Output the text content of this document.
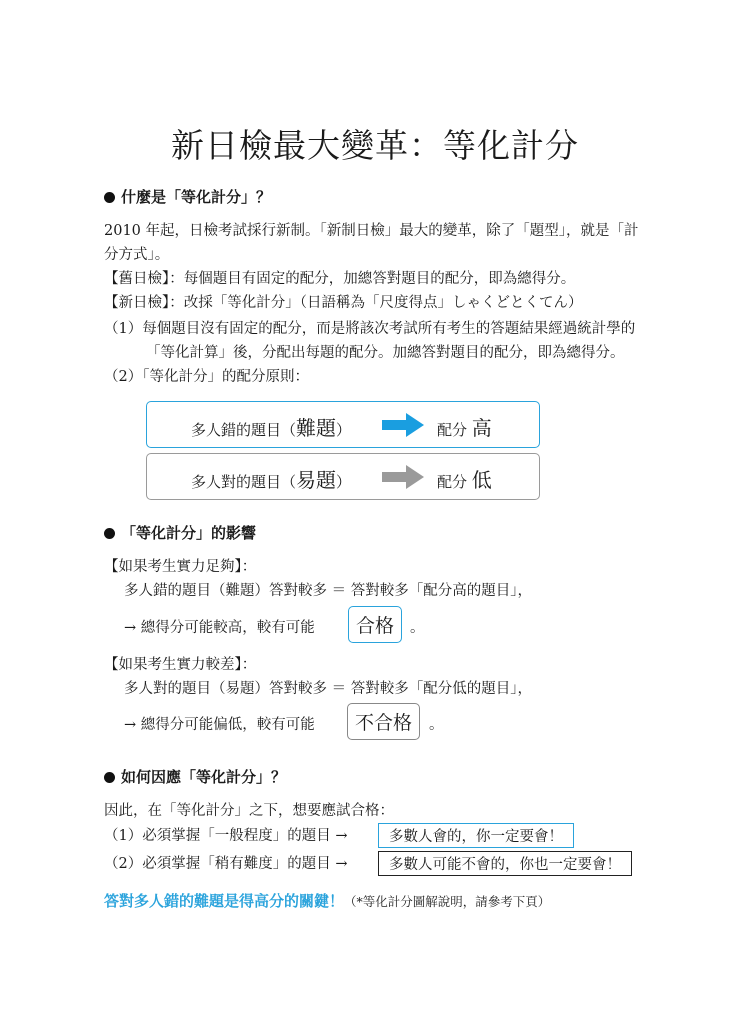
新日檢最大變革：等化計分
什麼是「等化計分」？
2010 年起，日檢考試採行新制。「新制日檢」最大的變革，除了「題型」，就是「計
分方式」。
【舊日檢】：每個題目有固定的配分，加總答對題目的配分，即為總得分。
【新日檢】：改採「等化計分」（日語稱為「尺度得点」しゃくどとくてん）
（1）每個題目沒有固定的配分，而是將該次考試所有考生的答題結果經過統計學的
「等化計算」後，分配出每題的配分。加總答對題目的配分，即為總得分。
（2）「等化計分」的配分原則：
多人錯的題目（難題）	配分 高
多人對的題目（易題）	配分 低
「等化計分」的影響
【如果考生實力足夠】：
多人錯的題目（難題）答對較多 ＝ 答對較多「配分高的題目」，
→ 總得分可能較高，較有可能	合格	。
【如果考生實力較差】：
多人對的題目（易題）答對較多 ＝ 答對較多「配分低的題目」，
→ 總得分可能偏低，較有可能	不合格	。
如何因應「等化計分」？
因此，在「等化計分」之下，想要應試合格：
（1）必須掌握「一般程度」的題目 →	多數人會的，你一定要會！
（2）必須掌握「稍有難度」的題目 →	多數人可能不會的，你也一定要會！
答對多人錯的難題是得高分的關鍵！（*等化計分圖解說明，請參考下頁）
